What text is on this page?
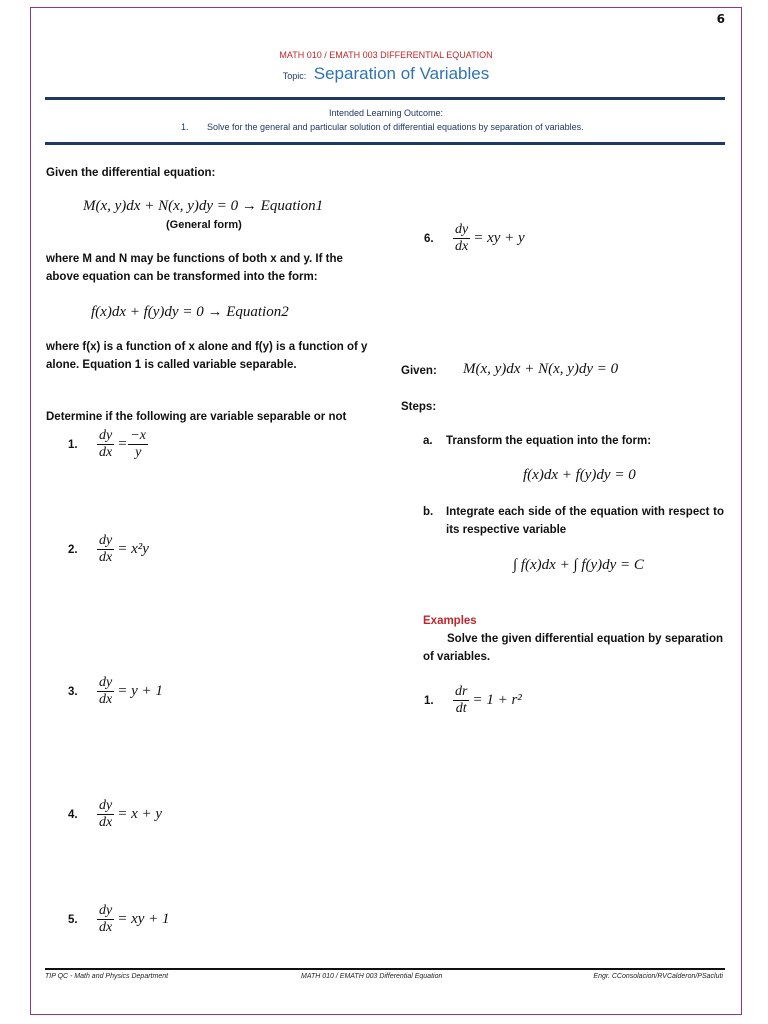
6
MATH 010 / EMATH 003 DIFFERENTIAL EQUATION
Topic: Separation of Variables
Intended Learning Outcome:
1. Solve for the general and particular solution of differential equations by separation of variables.
Given the differential equation:
M(x, y)dx + N(x, y)dy = 0 → Equation1
(General form)
where M and N may be functions of both x and y. If the above equation can be transformed into the form:
f(x)dx + f(y)dy = 0 → Equation2
where f(x) is a function of x alone and f(y) is a function of y alone. Equation 1 is called variable separable.
Determine if the following are variable separable or not
1.	$\frac{dy}{dx} = \frac{-x}{y}$
2.	$\frac{dy}{dx} = x^2y$
3.	$\frac{dy}{dx} = y + 1$
4.	$\frac{dy}{dx} = x + y$
5.	$\frac{dy}{dx}$ = xy + 1
6.	$\frac{dy}{dx}$ = xy + y
Given: M(x, y)dx + N(x, y)dy = 0
Steps:
a. Transform the equation into the form:
f(x)dx + f(y)dy = 0
b. Integrate each side of the equation with respect to its respective variable
∫ f(x)dx + ∫ f(y)dy = C
Examples
Solve the given differential equation by separation of variables.
1.	$\frac{dr}{dt} = 1 + r^2$
TIP QC - Math and Physics Department	MATH 010 / EMATH 003 Differential Equation	Engr. CConsolacion/RVCalderon/PSacluti
